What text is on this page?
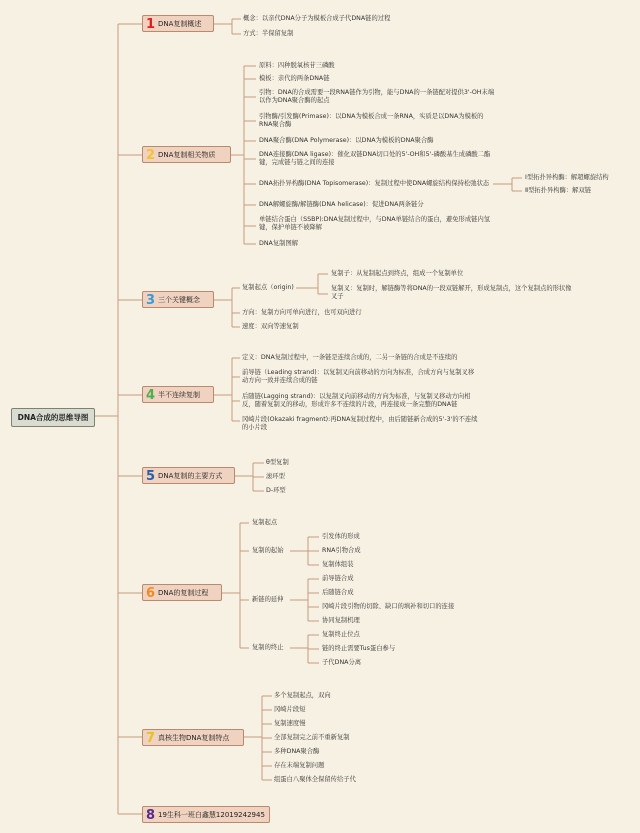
DNA合成的思维导图
1 DNA复制概述
概念：以亲代DNA分子为模板合成子代DNA链的过程
方式：半保留复制
2 DNA复制相关物质
原料：四种脱氧核苷三磷酸
模板：亲代的两条DNA链
引物：DNA的合成需要一段RNA链作为引物，能与DNA的一条链配对提供3'-OH末端以作为DNA聚合酶的起点
引物酶/引发酶(Primase)：以DNA为模板合成一条RNA，实质是以DNA为模板的RNA聚合酶
DNA聚合酶(DNA Polymerase)：以DNA为模板的DNA聚合酶
DNA连接酶(DNA ligase)：催化双链DNA切口处的5'-OH和5'-磷酸基生成磷酸二酯键，完成链与链之间的连接
DNA拓扑异构酶(DNA Topisomerase)：复制过程中使DNA螺旋结构保持松弛状态
Ⅰ型拓扑异构酶：解超螺旋结构
Ⅱ型拓扑异构酶：解双链
DNA解螺旋酶/解链酶(DNA helicase)：促进DNA两条链分
单链结合蛋白（SSBP):DNA复制过程中，与DNA单链结合的蛋白，避免形成链内氢键，保护单链不被降解
DNA复制图解
3 三个关键概念
复制起点（origin)
复制子：从复制起点到终点，组成一个复制单位
复制叉：复制时，解链酶等将DNA的一段双链解开，形成复制点，这个复制点的形状像叉子
方向：复制方向可单向进行，也可双向进行
速度：双向等速复制
4 半不连续复制
定义：DNA复制过程中，一条链是连续合成的，二另一条链的合成是不连续的
前导链（Leading strand)：以复制叉向前移动的方向为标准，合成方向与复制叉移动方向一致并连续合成的链
后随链(Lagging strand)：以复制叉向前移动的方向为标准，与复制叉移动方向相反，随着复制叉的移动，形成许多不连续的片段，再连接成一条完整的DNA链
冈崎片段(Okazaki fragment):再DNA复制过程中，由后随链新合成的5'-3'的不连续的小片段
5 DNA复制的主要方式
θ型复制
滚环型
D-环型
6 DNA的复制过程
复制起点
复制的起始
引发体的形成
RNA引物合成
复制体组装
新链的延伸
前导链合成
后随链合成
冈崎片段引物的切除、缺口的填补和切口的连接
协同复制机理
复制的终止
复制终止位点
链的终止需要Tus蛋白参与
子代DNA分离
7 真核生物DNA复制特点
多个复制起点，双向
冈崎片段短
复制速度慢
全部复制完之前不重新复制
多种DNA聚合酶
存在末端复制问题
组蛋白八聚体全保留传给子代
8 19生科一班白鑫慧12019242945
